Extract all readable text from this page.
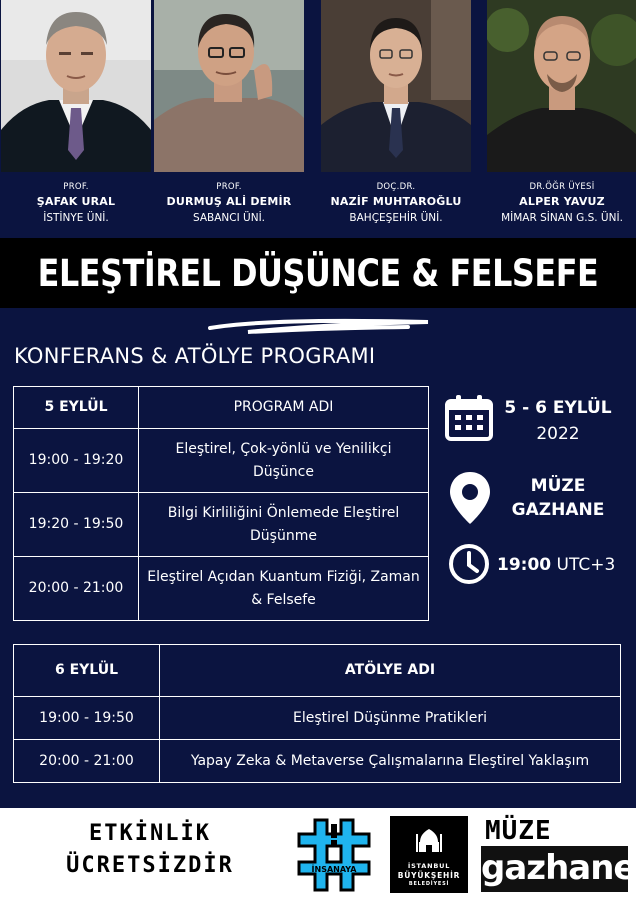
PROF.
ŞAFAK URAL
İSTİNYE ÜNİ.
PROF.
DURMUŞ ALİ DEMİR
SABANCI ÜNİ.
DOÇ.DR.
NAZİF MUHTAROĞLU
BAHÇEŞEHİR ÜNİ.
DR.ÖĞR ÜYESİ
ALPER YAVUZ
MİMAR SİNAN G.S. ÜNİ.
ELEŞTİREL DÜŞÜNCE & FELSEFE
KONFERANS & ATÖLYE PROGRAMI
5 EYLÜL	PROGRAM ADI
19:00 - 19:20	Eleştirel, Çok-yönlü ve Yenilikçi Düşünce
19:20 - 19:50	Bilgi Kirliliğini Önlemede Eleştirel Düşünme
20:00 - 21:00	Eleştirel Açıdan Kuantum Fiziği, Zaman & Felsefe
5 - 6 EYLÜL
2022
MÜZE
GAZHANE
19:00 UTC+3
6 EYLÜL	ATÖLYE ADI
19:00 - 19:50	Eleştirel Düşünme Pratikleri
20:00 - 21:00	Yapay Zeka & Metaverse Çalışmalarına Eleştirel Yaklaşım
ETKİNLİK
ÜCRETSİZDİR	İNSANAYA	İSTANBUL
BÜYÜKŞEHİR
BELEDİYESİ
MÜZE
gazhane
